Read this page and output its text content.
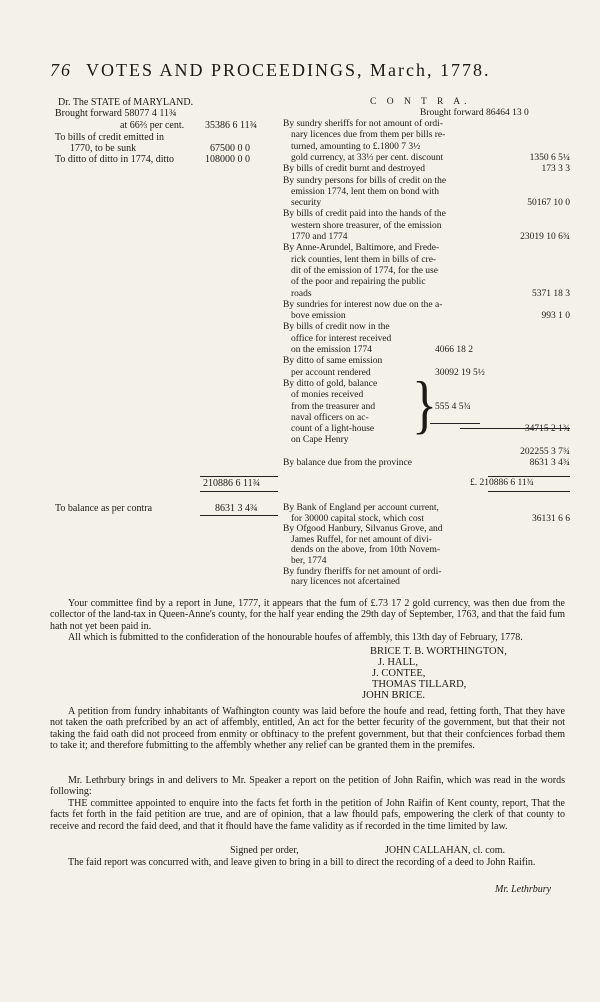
76 VOTES AND PROCEEDINGS, March, 1778.
Dr. The STATE of MARYLAND.
Brought forward 58077 4 11¾
at 66⅔ per cent. 35386 6 11¾
To bills of credit emitted in
1770, to be sunk	67500 0 0
To ditto of ditto in 1774, ditto	108000 0 0
210886 6 11¾
To balance as per contra	8631 3 4¾
C O N T R A.
Brought forward 86464 13 0
By sundry sheriffs for not amount of ordi-
nary licences due from them per bills re-
turned, amounting to £.1800 7 3½
gold currency, at 33⅓ per cent. discount	1350 6 5¼
By bills of credit burnt and destroyed	173 3 3
By sundry persons for bills of credit on the
emission 1774, lent them on bond with
security	50167 10 0
By bills of credit paid into the hands of the
western shore treasurer, of the emission
1770 and 1774	23019 10 6¾
By Anne-Arundel, Baltimore, and Frede-
rick counties, lent them in bills of cre-
dit of the emission of 1774, for the use
of the poor and repairing the public
roads	5371 18 3
By sundries for interest now due on the a-
bove emission	993 1 0
By bills of credit now in the
office for interest received
on the emission 1774	4066 18 2
By ditto of same emission
per account rendered	30092 19 5½
By ditto of gold, balance
of monies received
from the treasurer and	555 4 5¾
naval officers on ac-
count of a light-house	34715 2 1¾
on Cape Henry
202255 3 7¾
By balance due from the province	8631 3 4¾
}
£. 210886 6 11¾
By Bank of England per account current,
for 30000 capital stock, which cost	36131 6 6
By Ofgood Hanbury, Silvanus Grove, and
James Ruffel, for net amount of divi-
dends on the above, from 10th Novem-
ber, 1774
By fundry fheriffs for net amount of ordi-
nary licences not afcertained
Your committee find by a report in June, 1777, it appears that the fum of £.73 17 2 gold currency, was then due from the collector of the land-tax in Queen-Anne's county, for the half year ending the 29th day of September, 1763, and that the faid fum hath not yet been paid in.
All which is fubmitted to the confideration of the honourable houfes of affembly, this 13th day of February, 1778.
BRICE T. B. WORTHINGTON,
J. HALL,
J. CONTEE,
THOMAS TILLARD,
JOHN BRICE.
A petition from fundry inhabitants of Wafhington county was laid before the houfe and read, fetting forth, That they have not taken the oath prefcribed by an act of affembly, entitled, An act for the better fecurity of the government, but that their not taking the faid oath did not proceed from enmity or obftinacy to the prefent government, but that their confciences forbad them to take it; and therefore fubmitting to the affembly whether any relief can be granted them in the premifes.
Mr. Lethrbury brings in and delivers to Mr. Speaker a report on the petition of John Raifin, which was read in the words following:
THE committee appointed to enquire into the facts fet forth in the petition of John Raifin of Kent county, report, That the facts fet forth in the faid petition are true, and are of opinion, that a law fhould pafs, empowering the clerk of that county to receive and record the faid deed, and that it fhould have the fame validity as if recorded in the time limited by law.
Signed per order,	JOHN CALLAHAN, cl. com.
The faid report was concurred with, and leave given to bring in a bill to direct the recording of a deed to John Raifin.
Mr. Lethrbury
